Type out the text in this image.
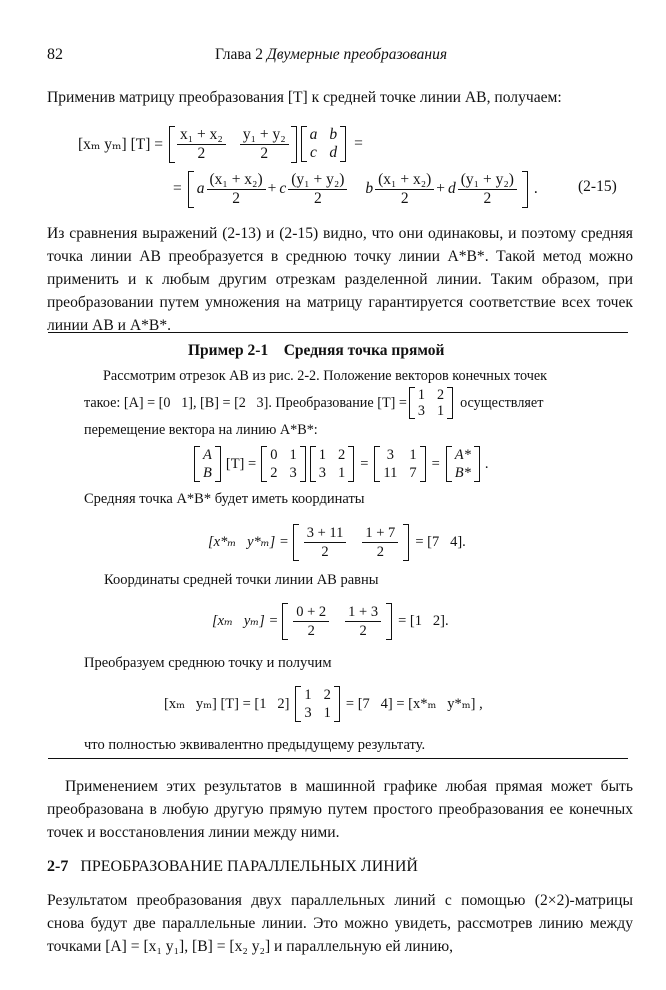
82	Глава 2 Двумерные преобразования

Применив матрицу преобразования [T] к средней точке линии AB, получаем:

[xₘ yₘ] $[T] = \frac{\text{x₁ + x₂}}{2} \frac{\text{y₁ + y₂}}{2}$ a b
c d
=
= a $\frac{\text{(x₁ + x₂)}}{2} + c \frac{\text{(y₁ + y₂)}}{2}$ b $\frac{\text{(x₁ + x₂)}}{2} + d \frac{\text{(y₁ + y₂)}}{2}$ .	(2-15)

Из сравнения выражений (2-13) и (2-15) видно, что они одинаковы, и поэтому средняя точка линии AB преобразуется в среднюю точку линии A*B*. Такой метод можно применить и к любым другим отрезкам разделенной линии. Таким образом, при преобразовании путем умножения на матрицу гарантируется соответствие всех точек линии AB и A*B*.

Пример 2-1    Средняя точка прямой
Рассмотрим отрезок AB из рис. 2-2. Положение векторов конечных точек
такое: [A] = [0   1], [B] = [2   3]. Преобразование [T] = 1 2
3 1 осуществляет
перемещение вектора на линию A*B*:
A
B
[T] =
0 1
2 3
1 2
3 1
=
3 1
11 7
=
A*
B*
.
Средняя точка A*B* будет иметь координаты
[x*ₘ   $y*_m] = \frac{3 + 11}{2} \frac{1 + 7}{2} = [7$   4].
Координаты средней точки линии AB равны
[xₘ   $y_m] = \frac{0 + 2}{2} \frac{1 + 3}{2} = [1$   2].
Преобразуем среднюю точку и получим
[xₘ   yₘ] [T] = [1   2]
1 2
3 1
= [7   4] = [x*ₘ   y*ₘ] ,
что полностью эквивалентно предыдущему результату.

Применением этих результатов в машинной графике любая прямая может быть преобразована в любую другую прямую путем простого преобразования ее конечных точек и восстановления линии между ними.

2-7 ПРЕОБРАЗОВАНИЕ ПАРАЛЛЕЛЬНЫХ ЛИНИЙ

Результатом преобразования двух параллельных линий с помощью (2×2)-матрицы снова будут две параллельные линии. Это можно увидеть, рассмотрев линию между точками [A] = [x₁ y₁], [B] = [x₂ y₂] и параллельную ей линию,
